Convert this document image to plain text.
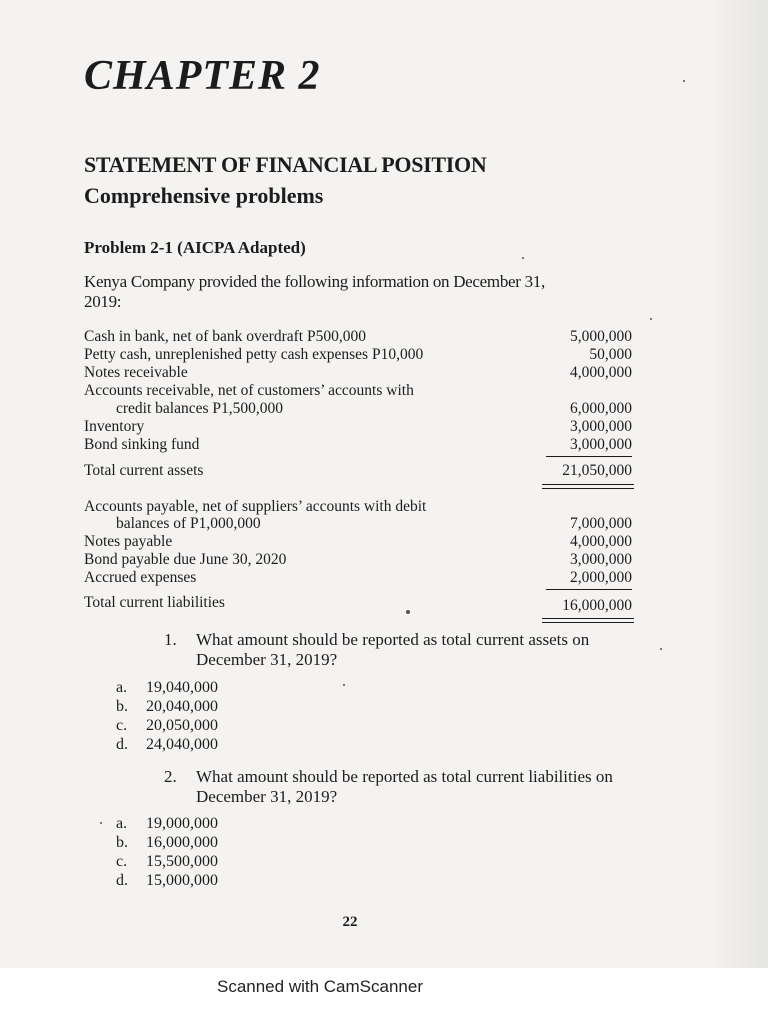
CHAPTER 2
STATEMENT OF FINANCIAL POSITION
Comprehensive problems
Problem 2-1 (AICPA Adapted)
Kenya Company provided the following information on December 31,
2019:
Cash in bank, net of bank overdraft P500,000	5,000,000
Petty cash, unreplenished petty cash expenses P10,000	50,000
Notes receivable	4,000,000
Accounts receivable, net of customers’ accounts with
credit balances P1,500,000	6,000,000
Inventory	3,000,000
Bond sinking fund	3,000,000
Total current assets	21,050,000
Accounts payable, net of suppliers’ accounts with debit
balances of P1,000,000	7,000,000
Notes payable	4,000,000
Bond payable due June 30, 2020	3,000,000
Accrued expenses	2,000,000
Total current liabilities	16,000,000
1. What amount should be reported as total current assets on
December 31, 2019?
a. 19,040,000
b. 20,040,000
c. 20,050,000
d. 24,040,000
2. What amount should be reported as total current liabilities on
December 31, 2019?
a. 19,000,000
b. 16,000,000
c. 15,500,000
d. 15,000,000
22
Scanned with CamScanner
